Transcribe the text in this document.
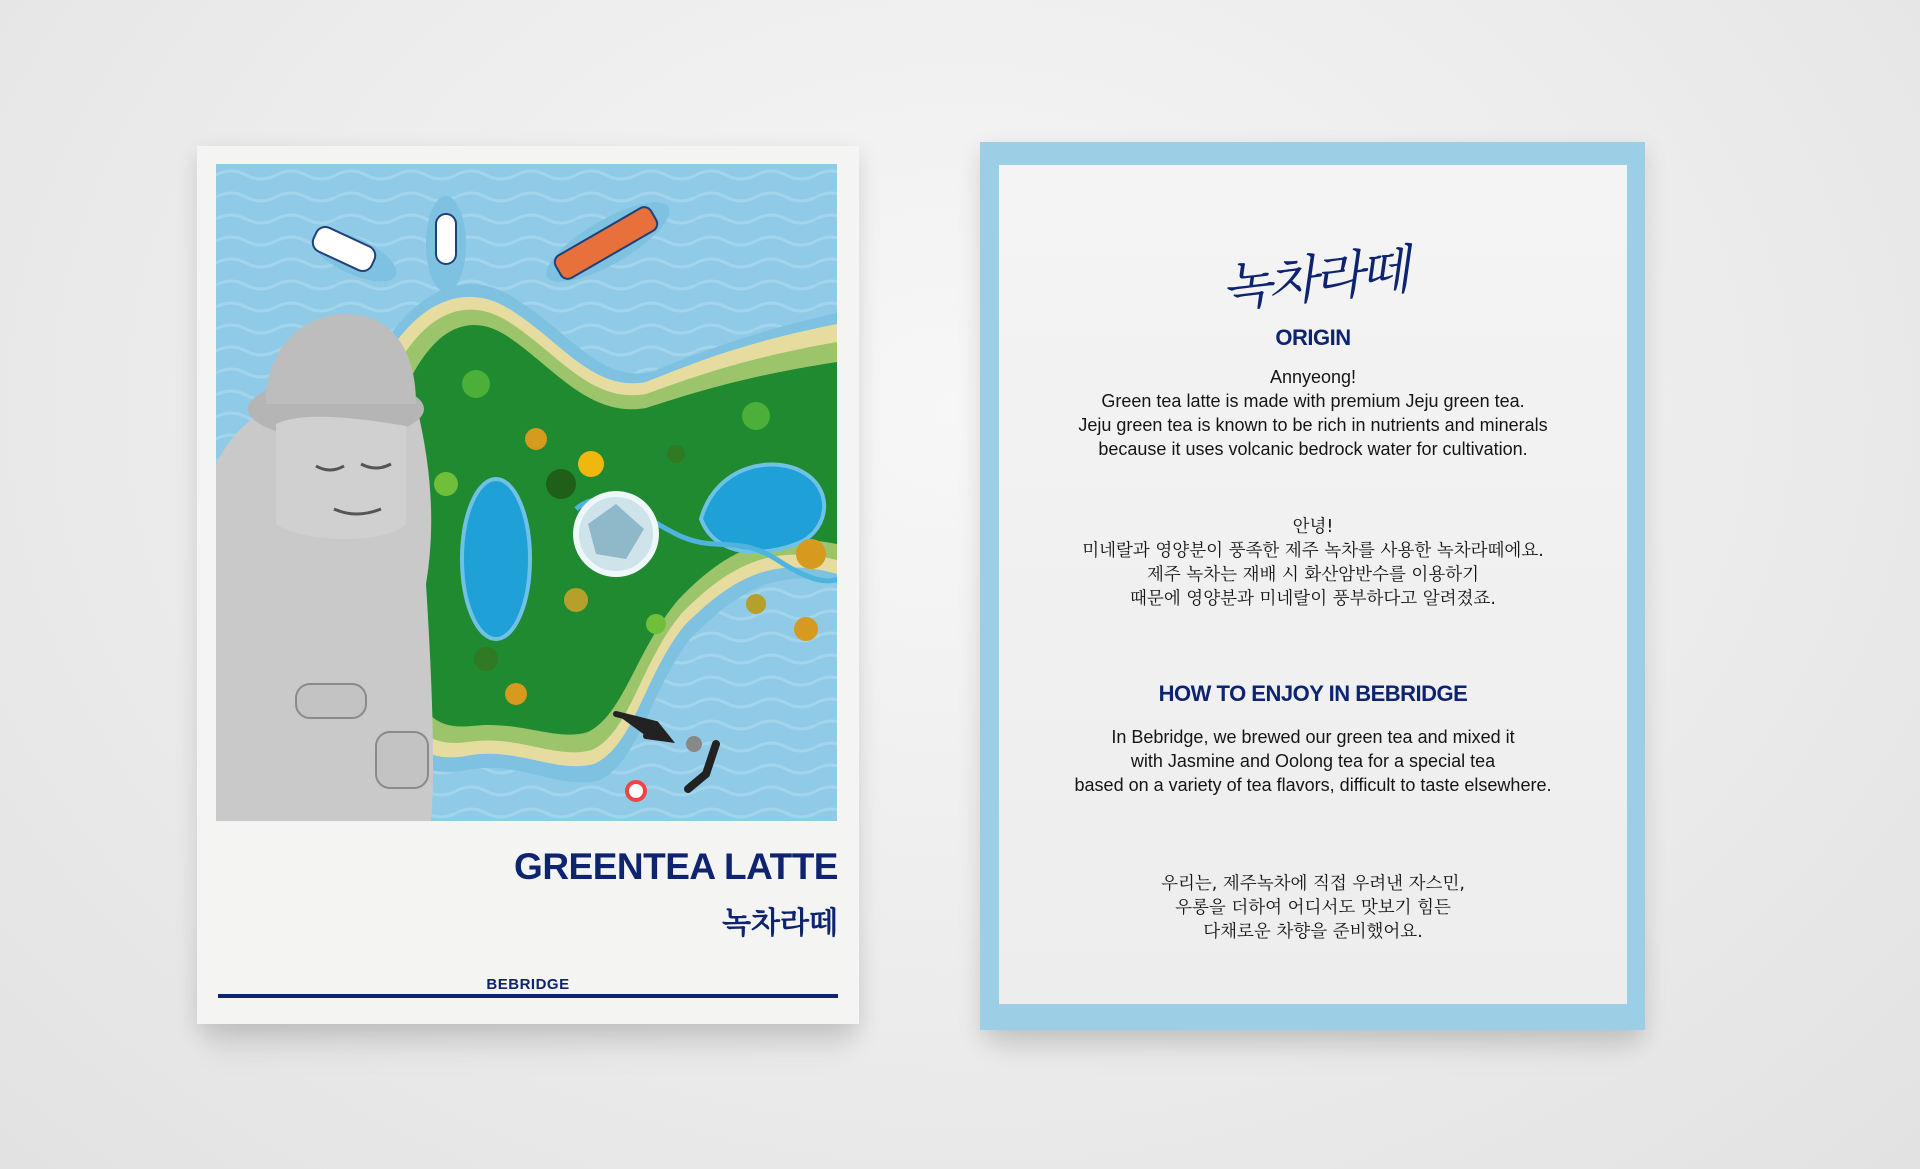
GREENTEA LATTE
녹차라떼
BEBRIDGE
녹차라떼
ORIGIN
Annyeong!
Green tea latte is made with premium Jeju green tea.
Jeju green tea is known to be rich in nutrients and minerals
because it uses volcanic bedrock water for cultivation.
안녕!
미네랄과 영양분이 풍족한 제주 녹차를 사용한 녹차라떼에요.
제주 녹차는 재배 시 화산암반수를 이용하기
때문에 영양분과 미네랄이 풍부하다고 알려졌죠.
HOW TO ENJOY IN BEBRIDGE
In Bebridge, we brewed our green tea and mixed it
with Jasmine and Oolong tea for a special tea
based on a variety of tea flavors, difficult to taste elsewhere.
우리는, 제주녹차에 직접 우려낸 자스민,
우롱을 더하여 어디서도 맛보기 힘든
다채로운 차향을 준비했어요.
